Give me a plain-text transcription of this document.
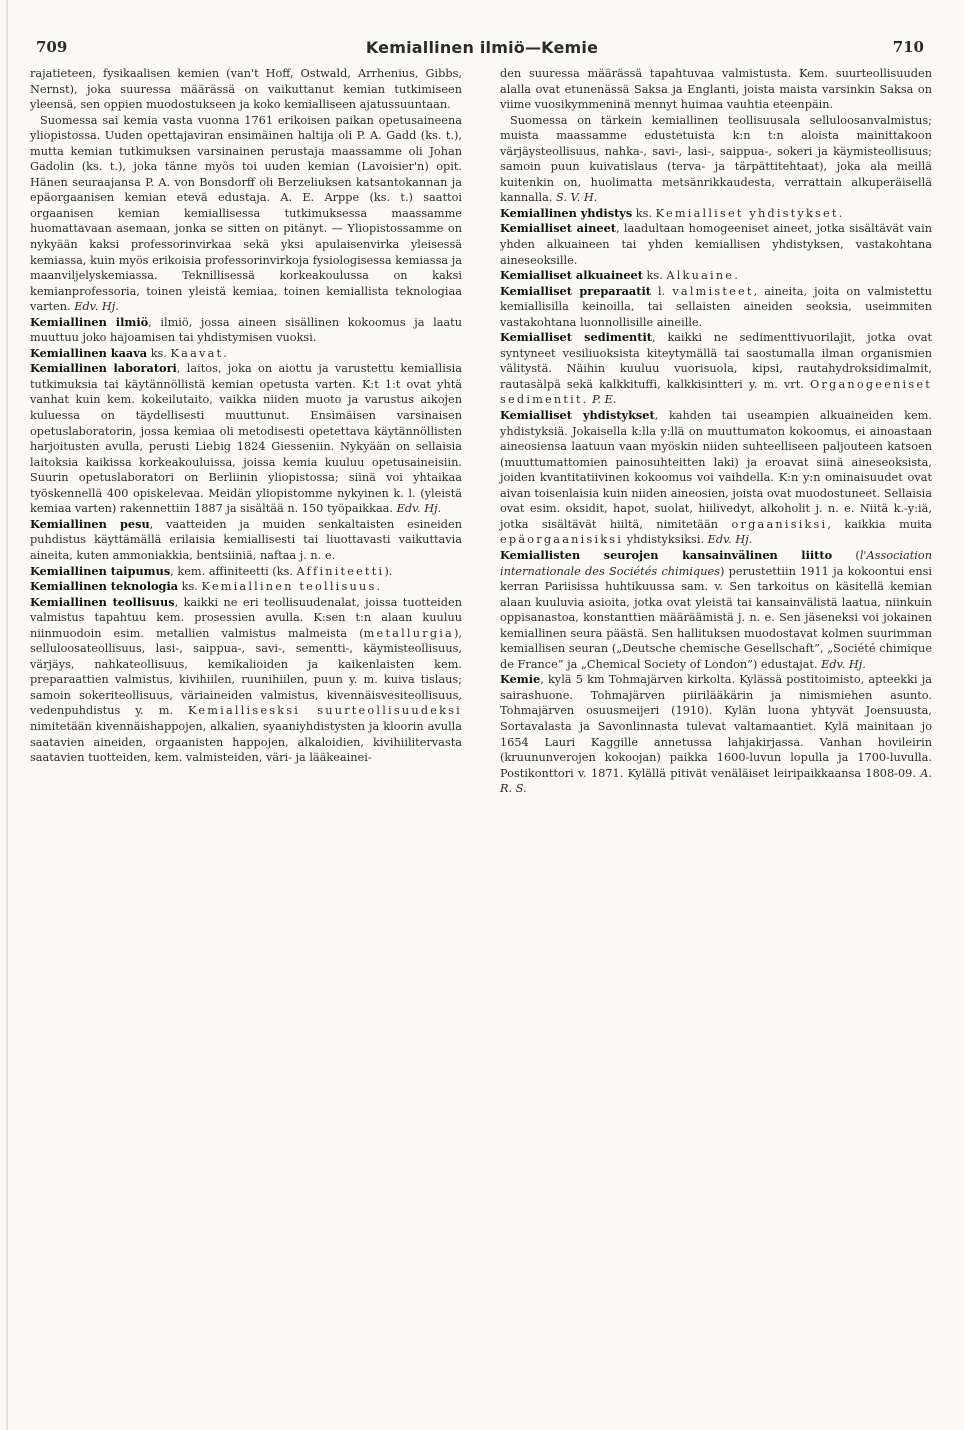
709	Kemiallinen ilmiö—Kemie	710

rajatieteen, fysikaalisen kemien (van't Hoff, Ostwald, Arrhenius, Gibbs, Nernst), joka suuressa määrässä on vaikuttanut kemian tutkimiseen yleensä, sen oppien muodostukseen ja koko kemialliseen ajatussuuntaan.

Suomessa sai kemia vasta vuonna 1761 erikoisen paikan opetusaineena yliopistossa. Uuden opettajaviran ensimäinen haltija oli P. A. Gadd (ks. t.), mutta kemian tutkimuksen varsinainen perustaja maassamme oli Johan Gadolin (ks. t.), joka tänne myös toi uuden kemian (Lavoisier'n) opit. Hänen seuraajansa P. A. von Bonsdorff oli Berzeliuksen katsantokannan ja epäorgaanisen kemian etevä edustaja. A. E. Arppe (ks. t.) saattoi orgaanisen kemian kemiallisessa tutkimuksessa maassamme huomattavaan asemaan, jonka se sitten on pitänyt. — Yliopistossamme on nykyään kaksi professorinvirkaa sekä yksi apulaisenvirka yleisessä kemiassa, kuin myös erikoisia professorinvirkoja fysiologisessa kemiassa ja maanviljelyskemiassa. Teknillisessä korkeakoulussa on kaksi kemianprofessoria, toinen yleistä kemiaa, toinen kemiallista teknologiaa varten. Edv. Hj.

Kemiallinen ilmiö, ilmiö, jossa aineen sisällinen kokoomus ja laatu muuttuu joko hajoamisen tai yhdistymisen vuoksi.

Kemiallinen kaava ks. Kaavat.

Kemiallinen laboratori, laitos, joka on aiottu ja varustettu kemiallisia tutkimuksia tai käytännöllistä kemian opetusta varten. K:t 1:t ovat yhtä vanhat kuin kem. kokeilutaito, vaikka niiden muoto ja varustus aikojen kuluessa on täydellisesti muuttunut. Ensimäisen varsinaisen opetuslaboratorin, jossa kemiaa oli metodisesti opetettava käytännöllisten harjoitusten avulla, perusti Liebig 1824 Giesseniin. Nykyään on sellaisia laitoksia kaikissa korkeakouluissa, joissa kemia kuuluu opetusaineisiin. Suurin opetuslaboratori on Berliinin yliopistossa; siinä voi yhtaikaa työskennellä 400 opiskelevaa. Meidän yliopistomme nykyinen k. l. (yleistä kemiaa varten) rakennettiin 1887 ja sisältää n. 150 työpaikkaa. Edv. Hj.

Kemiallinen pesu, vaatteiden ja muiden senkaltaisten esineiden puhdistus käyttämällä erilaisia kemiallisesti tai liuottavasti vaikuttavia aineita, kuten ammoniakkia, bentsiiniä, naftaa j. n. e.

Kemiallinen taipumus, kem. affiniteetti (ks. Affiniteetti).

Kemiallinen teknologia ks. Kemiallinen teollisuus.

Kemiallinen teollisuus, kaikki ne eri teollisuudenalat, joissa tuotteiden valmistus tapahtuu kem. prosessien avulla. K:sen t:n alaan kuuluu niinmuodoin esim. metallien valmistus malmeista (metallurgia), selluloosateollisuus, lasi-, saippua-, savi-, sementti-, käymisteollisuus, värjäys, nahkateollisuus, kemikalioiden ja kaikenlaisten kem. preparaattien valmistus, kivihiilen, ruunihiilen, puun y. m. kuiva tislaus; samoin sokeriteollisuus, väriaineiden valmistus, kivennäisvesiteollisuus, vedenpuhdistus y. m. Kemiallisesksi suurteollisuudeksi nimitetään kivennäishappojen, alkalien, syaaniyhdistysten ja kloorin avulla saatavien aineiden, orgaanisten happojen, alkaloidien, kivihiilitervasta saatavien tuotteiden, kem. valmisteiden, väri- ja lääkeainei-

den suuressa määrässä tapahtuvaa valmistusta. Kem. suurteollisuuden alalla ovat etunenässä Saksa ja Englanti, joista maista varsinkin Saksa on viime vuosikymmeninä mennyt huimaa vauhtia eteenpäin.

Suomessa on tärkein kemiallinen teollisuusala selluloosanvalmistus; muista maassamme edustetuista k:n t:n aloista mainittakoon värjäysteollisuus, nahka-, savi-, lasi-, saippua-, sokeri ja käymisteollisuus; samoin puun kuivatislaus (terva- ja tärpättitehtaat), joka ala meillä kuitenkin on, huolimatta metsänrikkaudesta, verrattain alkuperäisellä kannalla. S. V. H.

Kemiallinen yhdistys ks. Kemialliset yhdistykset.

Kemialliset aineet, laadultaan homogeeniset aineet, jotka sisältävät vain yhden alkuaineen tai yhden kemiallisen yhdistyksen, vastakohtana aineseoksille.

Kemialliset alkuaineet ks. Alkuaine.

Kemialliset preparaatit l. valmisteet, aineita, joita on valmistettu kemiallisilla keinoilla, tai sellaisten aineiden seoksia, useimmiten vastakohtana luonnollisille aineille.

Kemialliset sedimentit, kaikki ne sedimenttivuorilajit, jotka ovat syntyneet vesiliuoksista kiteytymällä tai saostumalla ilman organismien välitystä. Näihin kuuluu vuorisuola, kipsi, rautahydroksidimalmit, rautasälpä sekä kalkkituffi, kalkkisintteri y. m. vrt. Organogeeniset sedimentit. P. E.

Kemialliset yhdistykset, kahden tai useampien alkuaineiden kem. yhdistyksiä. Jokaisella k:lla y:llä on muuttumaton kokoomus, ei ainoastaan aineosiensa laatuun vaan myöskin niiden suhteelliseen paljouteen katsoen (muuttumattomien painosuhteitten laki) ja eroavat siinä aineseoksista, joiden kvantitatiivinen kokoomus voi vaihdella. K:n y:n ominaisuudet ovat aivan toisenlaisia kuin niiden aineosien, joista ovat muodostuneet. Sellaisia ovat esim. oksidit, hapot, suolat, hiilivedyt, alkoholit j. n. e. Niitä k.-y:iä, jotka sisältävät hiiltä, nimitetään orgaanisiksi, kaikkia muita epäorgaanisiksi yhdistyksiksi. Edv. Hj.

Kemiallisten seurojen kansainvälinen liitto (l'Association internationale des Sociétés chimiques) perustettiin 1911 ja kokoontui ensi kerran Pariisissa huhtikuussa sam. v. Sen tarkoitus on käsitellä kemian alaan kuuluvia asioita, jotka ovat yleistä tai kansainvälistä laatua, niinkuin oppisanastoa, konstanttien määräämistä j. n. e. Sen jäseneksi voi jokainen kemiallinen seura päästä. Sen hallituksen muodostavat kolmen suurimman kemiallisen seuran („Deutsche chemische Gesellschaft”, „Société chimique de France” ja „Chemical Society of London”) edustajat. Edv. Hj.

Kemie, kylä 5 km Tohmajärven kirkolta. Kylässä postitoimisto, apteekki ja sairashuone. Tohmajärven piirilääkärin ja nimismiehen asunto. Tohmajärven osuusmeijeri (1910). Kylän luona yhtyvät Joensuusta, Sortavalasta ja Savonlinnasta tulevat valtamaantiet. Kylä mainitaan jo 1654 Lauri Kaggille annetussa lahjakirjassa. Vanhan hovileirin (kruununverojen kokoojan) paikka 1600-luvun lopulla ja 1700-luvulla. Postikonttori v. 1871. Kylällä pitivät venäläiset leiripaikkaansa 1808-09. A. R. S.
